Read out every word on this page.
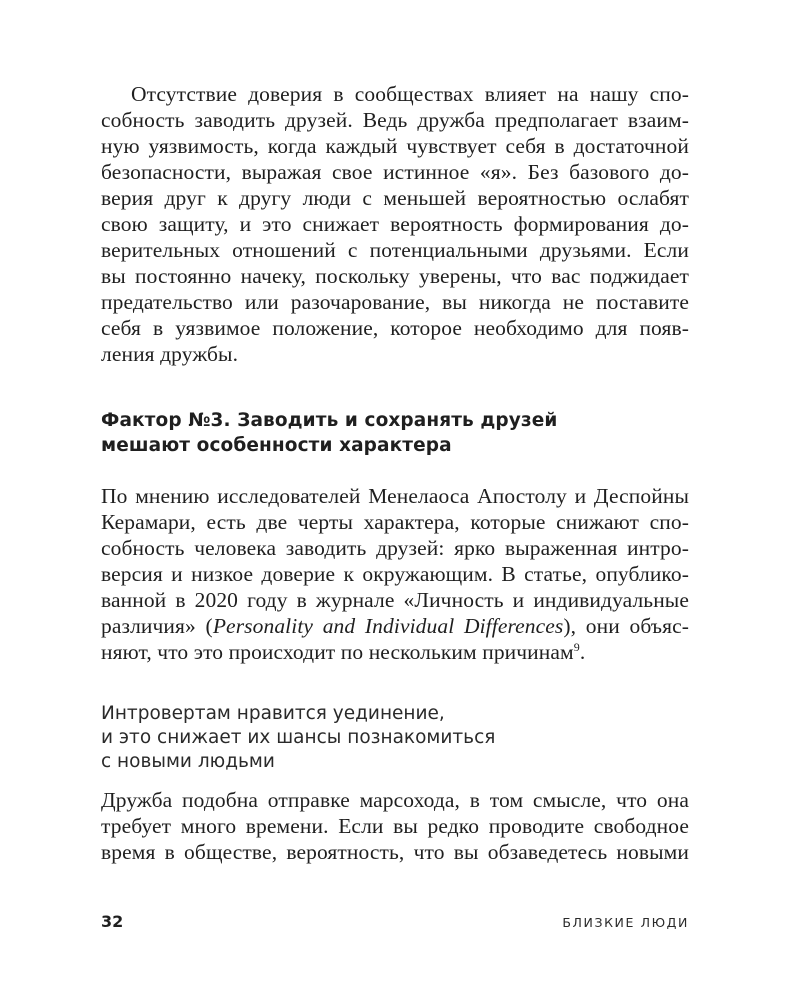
Отсутствие доверия в сообществах влияет на нашу спо-
собность заводить друзей. Ведь дружба предполагает взаим-
ную уязвимость, когда каждый чувствует себя в достаточной
безопасности, выражая свое истинное «я». Без базового до-
верия друг к другу люди с меньшей вероятностью ослабят
свою защиту, и это снижает вероятность формирования до-
верительных отношений с потенциальными друзьями. Если
вы постоянно начеку, поскольку уверены, что вас поджидает
предательство или разочарование, вы никогда не поставите
себя в уязвимое положение, которое необходимо для появ-
ления дружбы.
Фактор №3. Заводить и сохранять друзей
мешают особенности характера
По мнению исследователей Менелаоса Апостолу и Деспойны
Керамари, есть две черты характера, которые снижают спо-
собность человека заводить друзей: ярко выраженная интро-
версия и низкое доверие к окружающим. В статье, опублико-
ванной в 2020 году в журнале «Личность и индивидуальные
различия» (Personality and Individual Differences), они объяс-
няют, что это происходит по нескольким причинам$^9$.
Интровертам нравится уединение,
и это снижает их шансы познакомиться
с новыми людьми
Дружба подобна отправке марсохода, в том смысле, что она
требует много времени. Если вы редко проводите свободное
время в обществе, вероятность, что вы обзаведетесь новыми
32	БЛИЗКИЕ ЛЮДИ
